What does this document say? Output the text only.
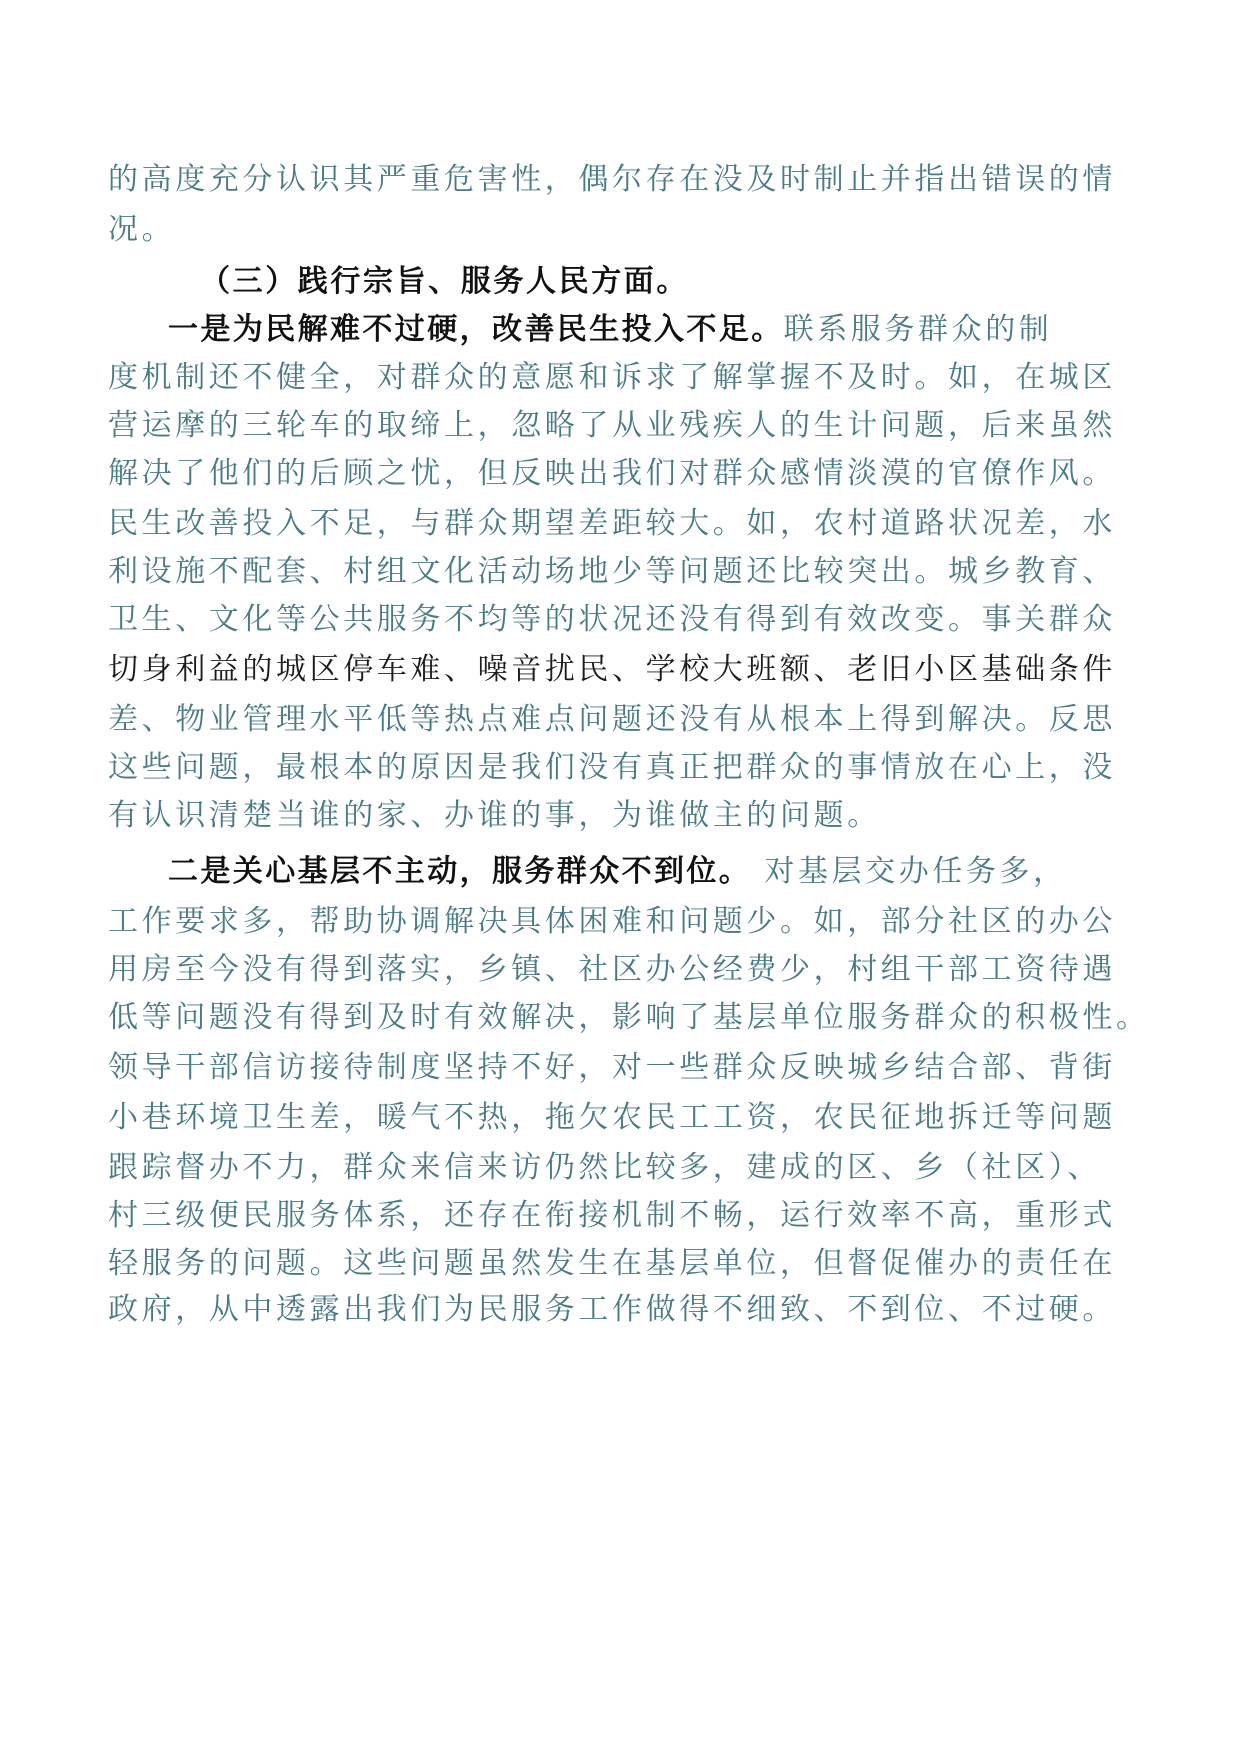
的高度充分认识其严重危害性，偶尔存在没及时制止并指出错误的情
况。
（三）践行宗旨、服务人民方面。
一是为民解难不过硬，改善民生投入不足。联系服务群众的制
度机制还不健全，对群众的意愿和诉求了解掌握不及时。如，在城区
营运摩的三轮车的取缔上，忽略了从业残疾人的生计问题，后来虽然
解决了他们的后顾之忧，但反映出我们对群众感情淡漠的官僚作风。
民生改善投入不足，与群众期望差距较大。如，农村道路状况差，水
利设施不配套、村组文化活动场地少等问题还比较突出。城乡教育、
卫生、文化等公共服务不均等的状况还没有得到有效改变。事关群众
切身利益的城区停车难、噪音扰民、学校大班额、老旧小区基础条件
差、物业管理水平低等热点难点问题还没有从根本上得到解决。反思
这些问题，最根本的原因是我们没有真正把群众的事情放在心上，没
有认识清楚当谁的家、办谁的事，为谁做主的问题。
二是关心基层不主动，服务群众不到位。 对基层交办任务多，
工作要求多，帮助协调解决具体困难和问题少。如，部分社区的办公
用房至今没有得到落实，乡镇、社区办公经费少，村组干部工资待遇
低等问题没有得到及时有效解决，影响了基层单位服务群众的积极性。
领导干部信访接待制度坚持不好，对一些群众反映城乡结合部、背街
小巷环境卫生差，暖气不热，拖欠农民工工资，农民征地拆迁等问题
跟踪督办不力，群众来信来访仍然比较多，建成的区、乡（社区）、
村三级便民服务体系，还存在衔接机制不畅，运行效率不高，重形式
轻服务的问题。这些问题虽然发生在基层单位，但督促催办的责任在
政府，从中透露出我们为民服务工作做得不细致、不到位、不过硬。
